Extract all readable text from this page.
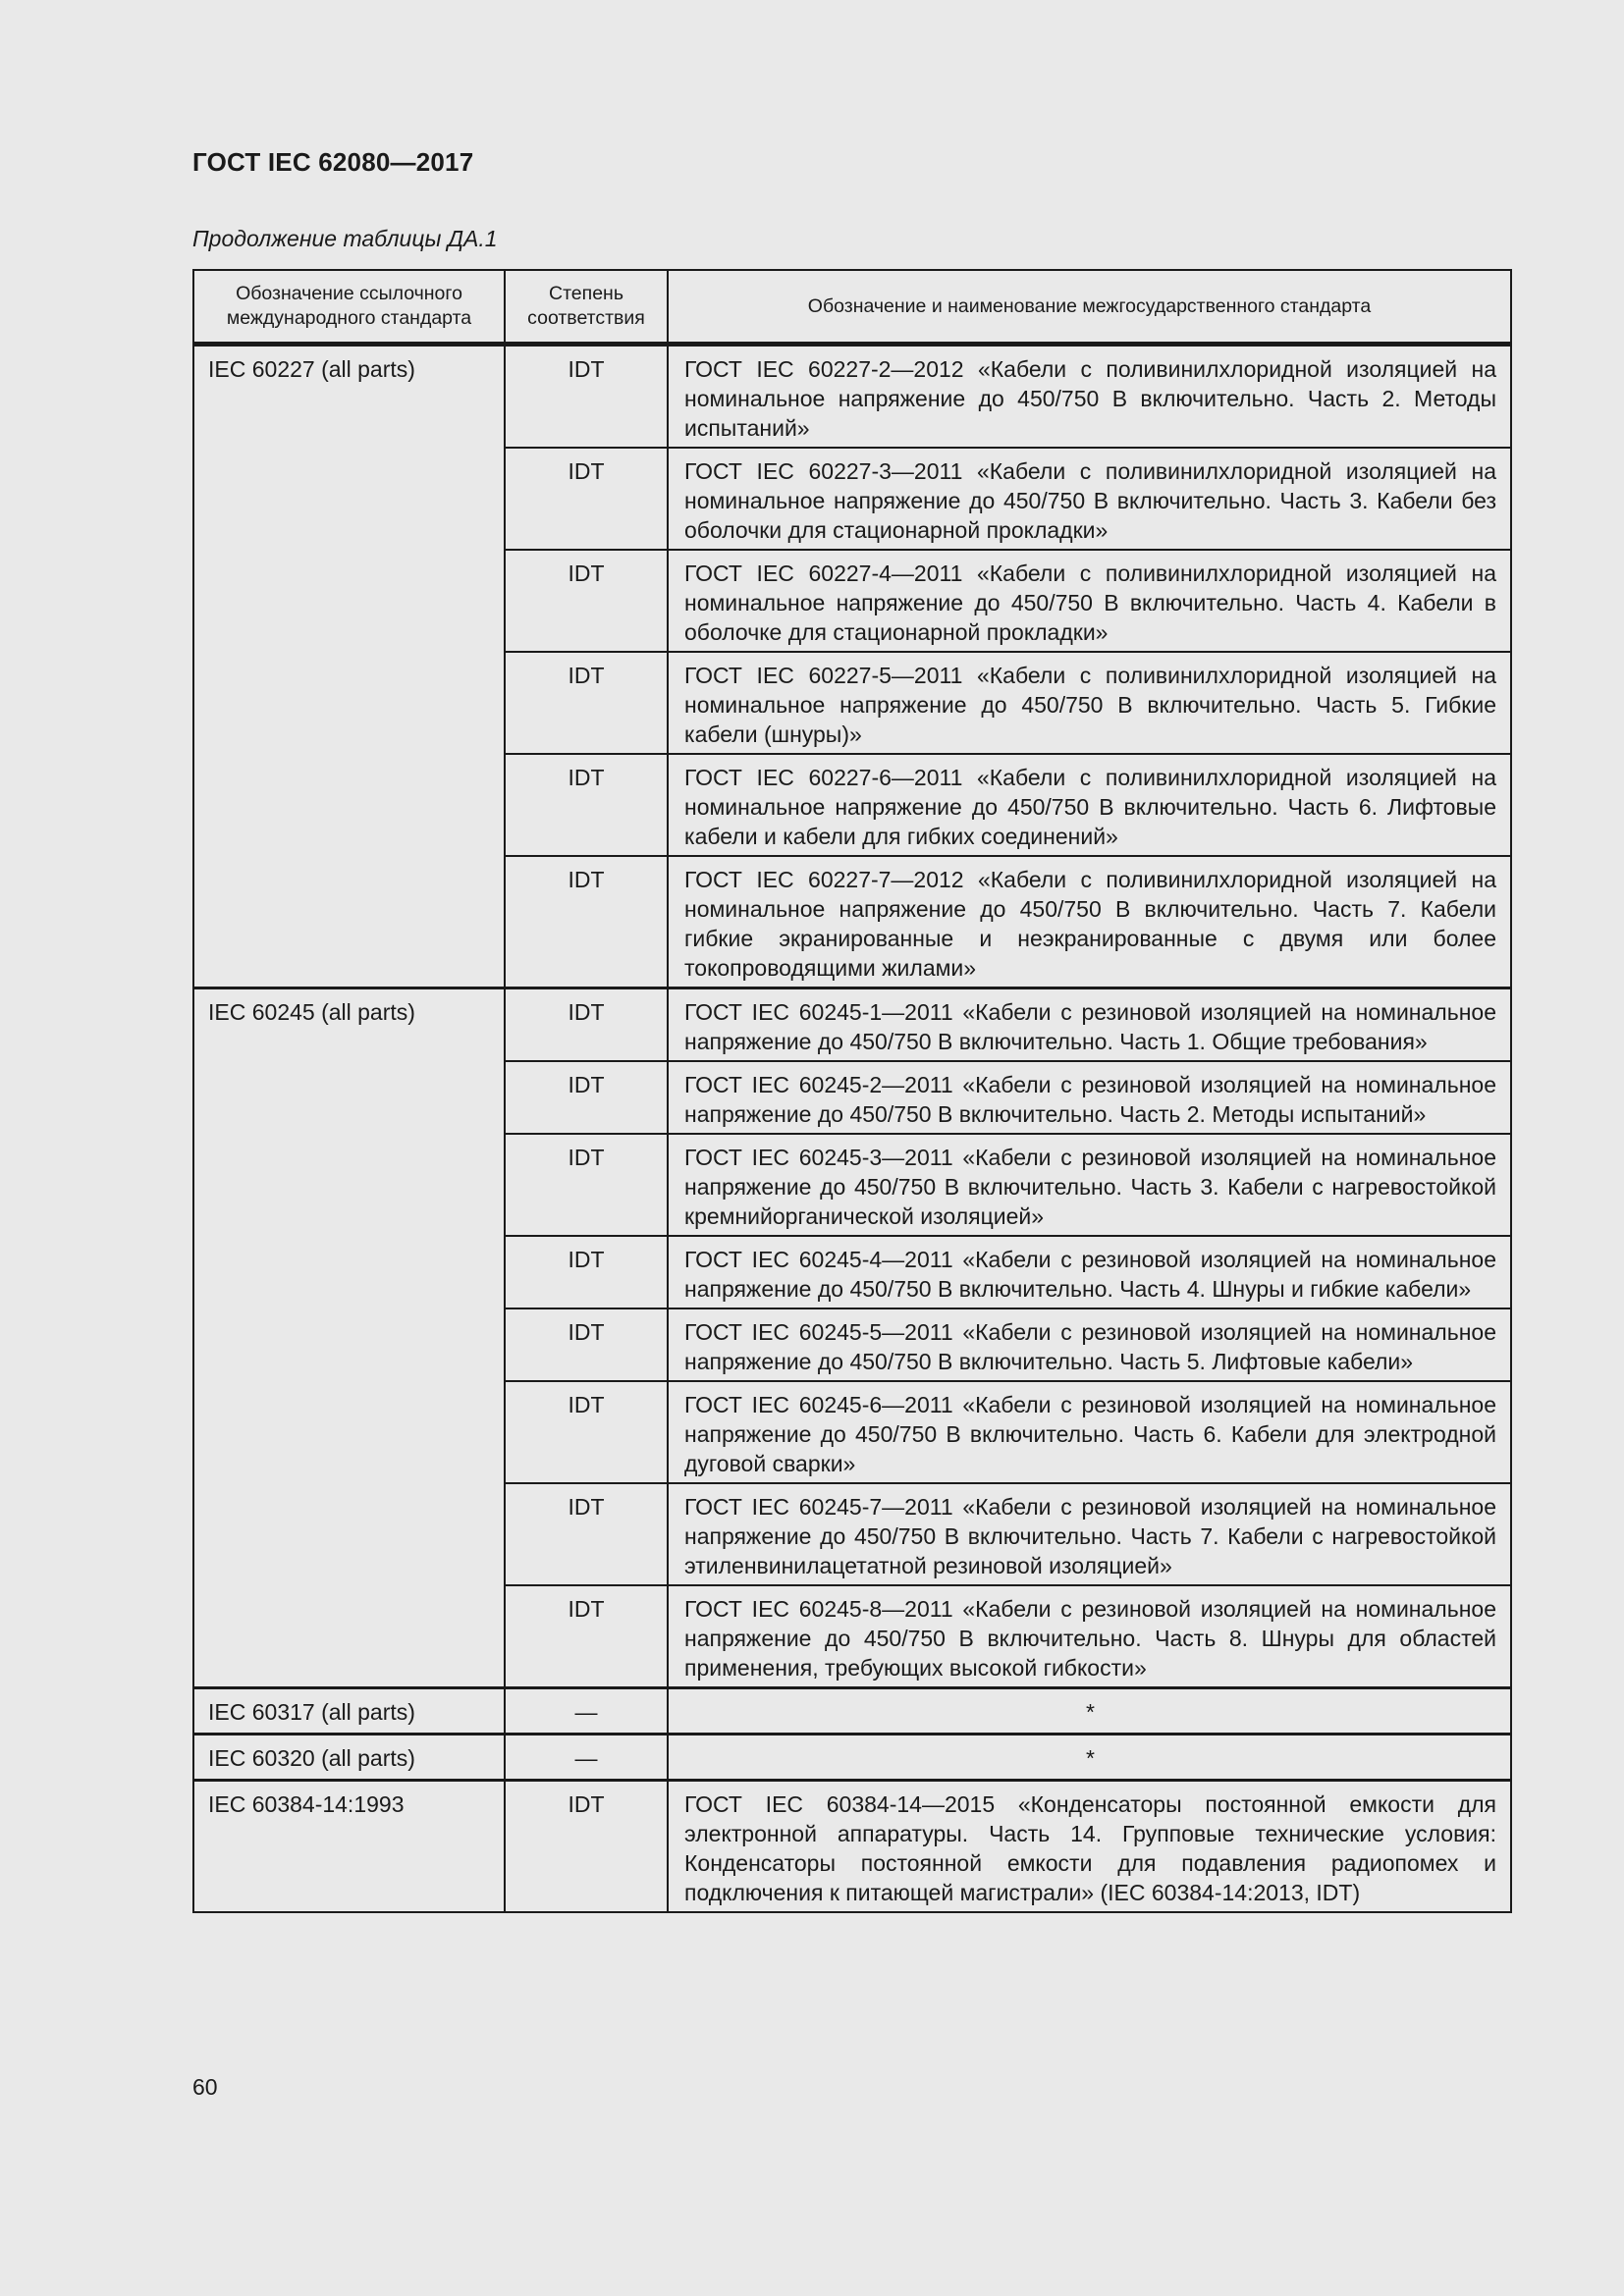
ГОСТ IEC 62080—2017
Продолжение таблицы ДА.1
Обозначение ссылочного международного стандарта	Степень соответствия	Обозначение и наименование межгосударственного стандарта
IEC 60227 (all parts)	IDT	ГОСТ IEC 60227-2—2012 «Кабели с поливинилхлоридной изоляцией на номинальное напряжение до 450/750 В включительно. Часть 2. Методы испытаний»
	IDT	ГОСТ IEC 60227-3—2011 «Кабели с поливинилхлоридной изоляцией на номинальное напряжение до 450/750 В включительно. Часть 3. Кабели без оболочки для стационарной прокладки»
	IDT	ГОСТ IEC 60227-4—2011 «Кабели с поливинилхлоридной изоляцией на номинальное напряжение до 450/750 В включительно. Часть 4. Кабели в оболочке для стационарной прокладки»
	IDT	ГОСТ IEC 60227-5—2011 «Кабели с поливинилхлоридной изоляцией на номинальное напряжение до 450/750 В включительно. Часть 5. Гибкие кабели (шнуры)»
	IDT	ГОСТ IEC 60227-6—2011 «Кабели с поливинилхлоридной изоляцией на номинальное напряжение до 450/750 В включительно. Часть 6. Лифтовые кабели и кабели для гибких соединений»
	IDT	ГОСТ IEC 60227-7—2012 «Кабели с поливинилхлоридной изоляцией на номинальное напряжение до 450/750 В включительно. Часть 7. Кабели гибкие экранированные и неэкранированные с двумя или более токопроводящими жилами»
IEC 60245 (all parts)	IDT	ГОСТ IEC 60245-1—2011 «Кабели с резиновой изоляцией на номинальное напряжение до 450/750 В включительно. Часть 1. Общие требования»
	IDT	ГОСТ IEC 60245-2—2011 «Кабели с резиновой изоляцией на номинальное напряжение до 450/750 В включительно. Часть 2. Методы испытаний»
	IDT	ГОСТ IEC 60245-3—2011 «Кабели с резиновой изоляцией на номинальное напряжение до 450/750 В включительно. Часть 3. Кабели с нагревостойкой кремнийорганической изоляцией»
	IDT	ГОСТ IEC 60245-4—2011 «Кабели с резиновой изоляцией на номинальное напряжение до 450/750 В включительно. Часть 4. Шнуры и гибкие кабели»
	IDT	ГОСТ IEC 60245-5—2011 «Кабели с резиновой изоляцией на номинальное напряжение до 450/750 В включительно. Часть 5. Лифтовые кабели»
	IDT	ГОСТ IEC 60245-6—2011 «Кабели с резиновой изоляцией на номинальное напряжение до 450/750 В включительно. Часть 6. Кабели для электродной дуговой сварки»
	IDT	ГОСТ IEC 60245-7—2011 «Кабели с резиновой изоляцией на номинальное напряжение до 450/750 В включительно. Часть 7. Кабели с нагревостойкой этиленвинилацетатной резиновой изоляцией»
	IDT	ГОСТ IEC 60245-8—2011 «Кабели с резиновой изоляцией на номинальное напряжение до 450/750 В включительно. Часть 8. Шнуры для областей применения, требующих высокой гибкости»
IEC 60317 (all parts)	—	*
IEC 60320 (all parts)	—	*
IEC 60384-14:1993	IDT	ГОСТ IEC 60384-14—2015 «Конденсаторы постоянной емкости для электронной аппаратуры. Часть 14. Групповые технические условия: Конденсаторы постоянной емкости для подавления радиопомех и подключения к питающей магистрали» (IEC 60384-14:2013, IDT)
60
